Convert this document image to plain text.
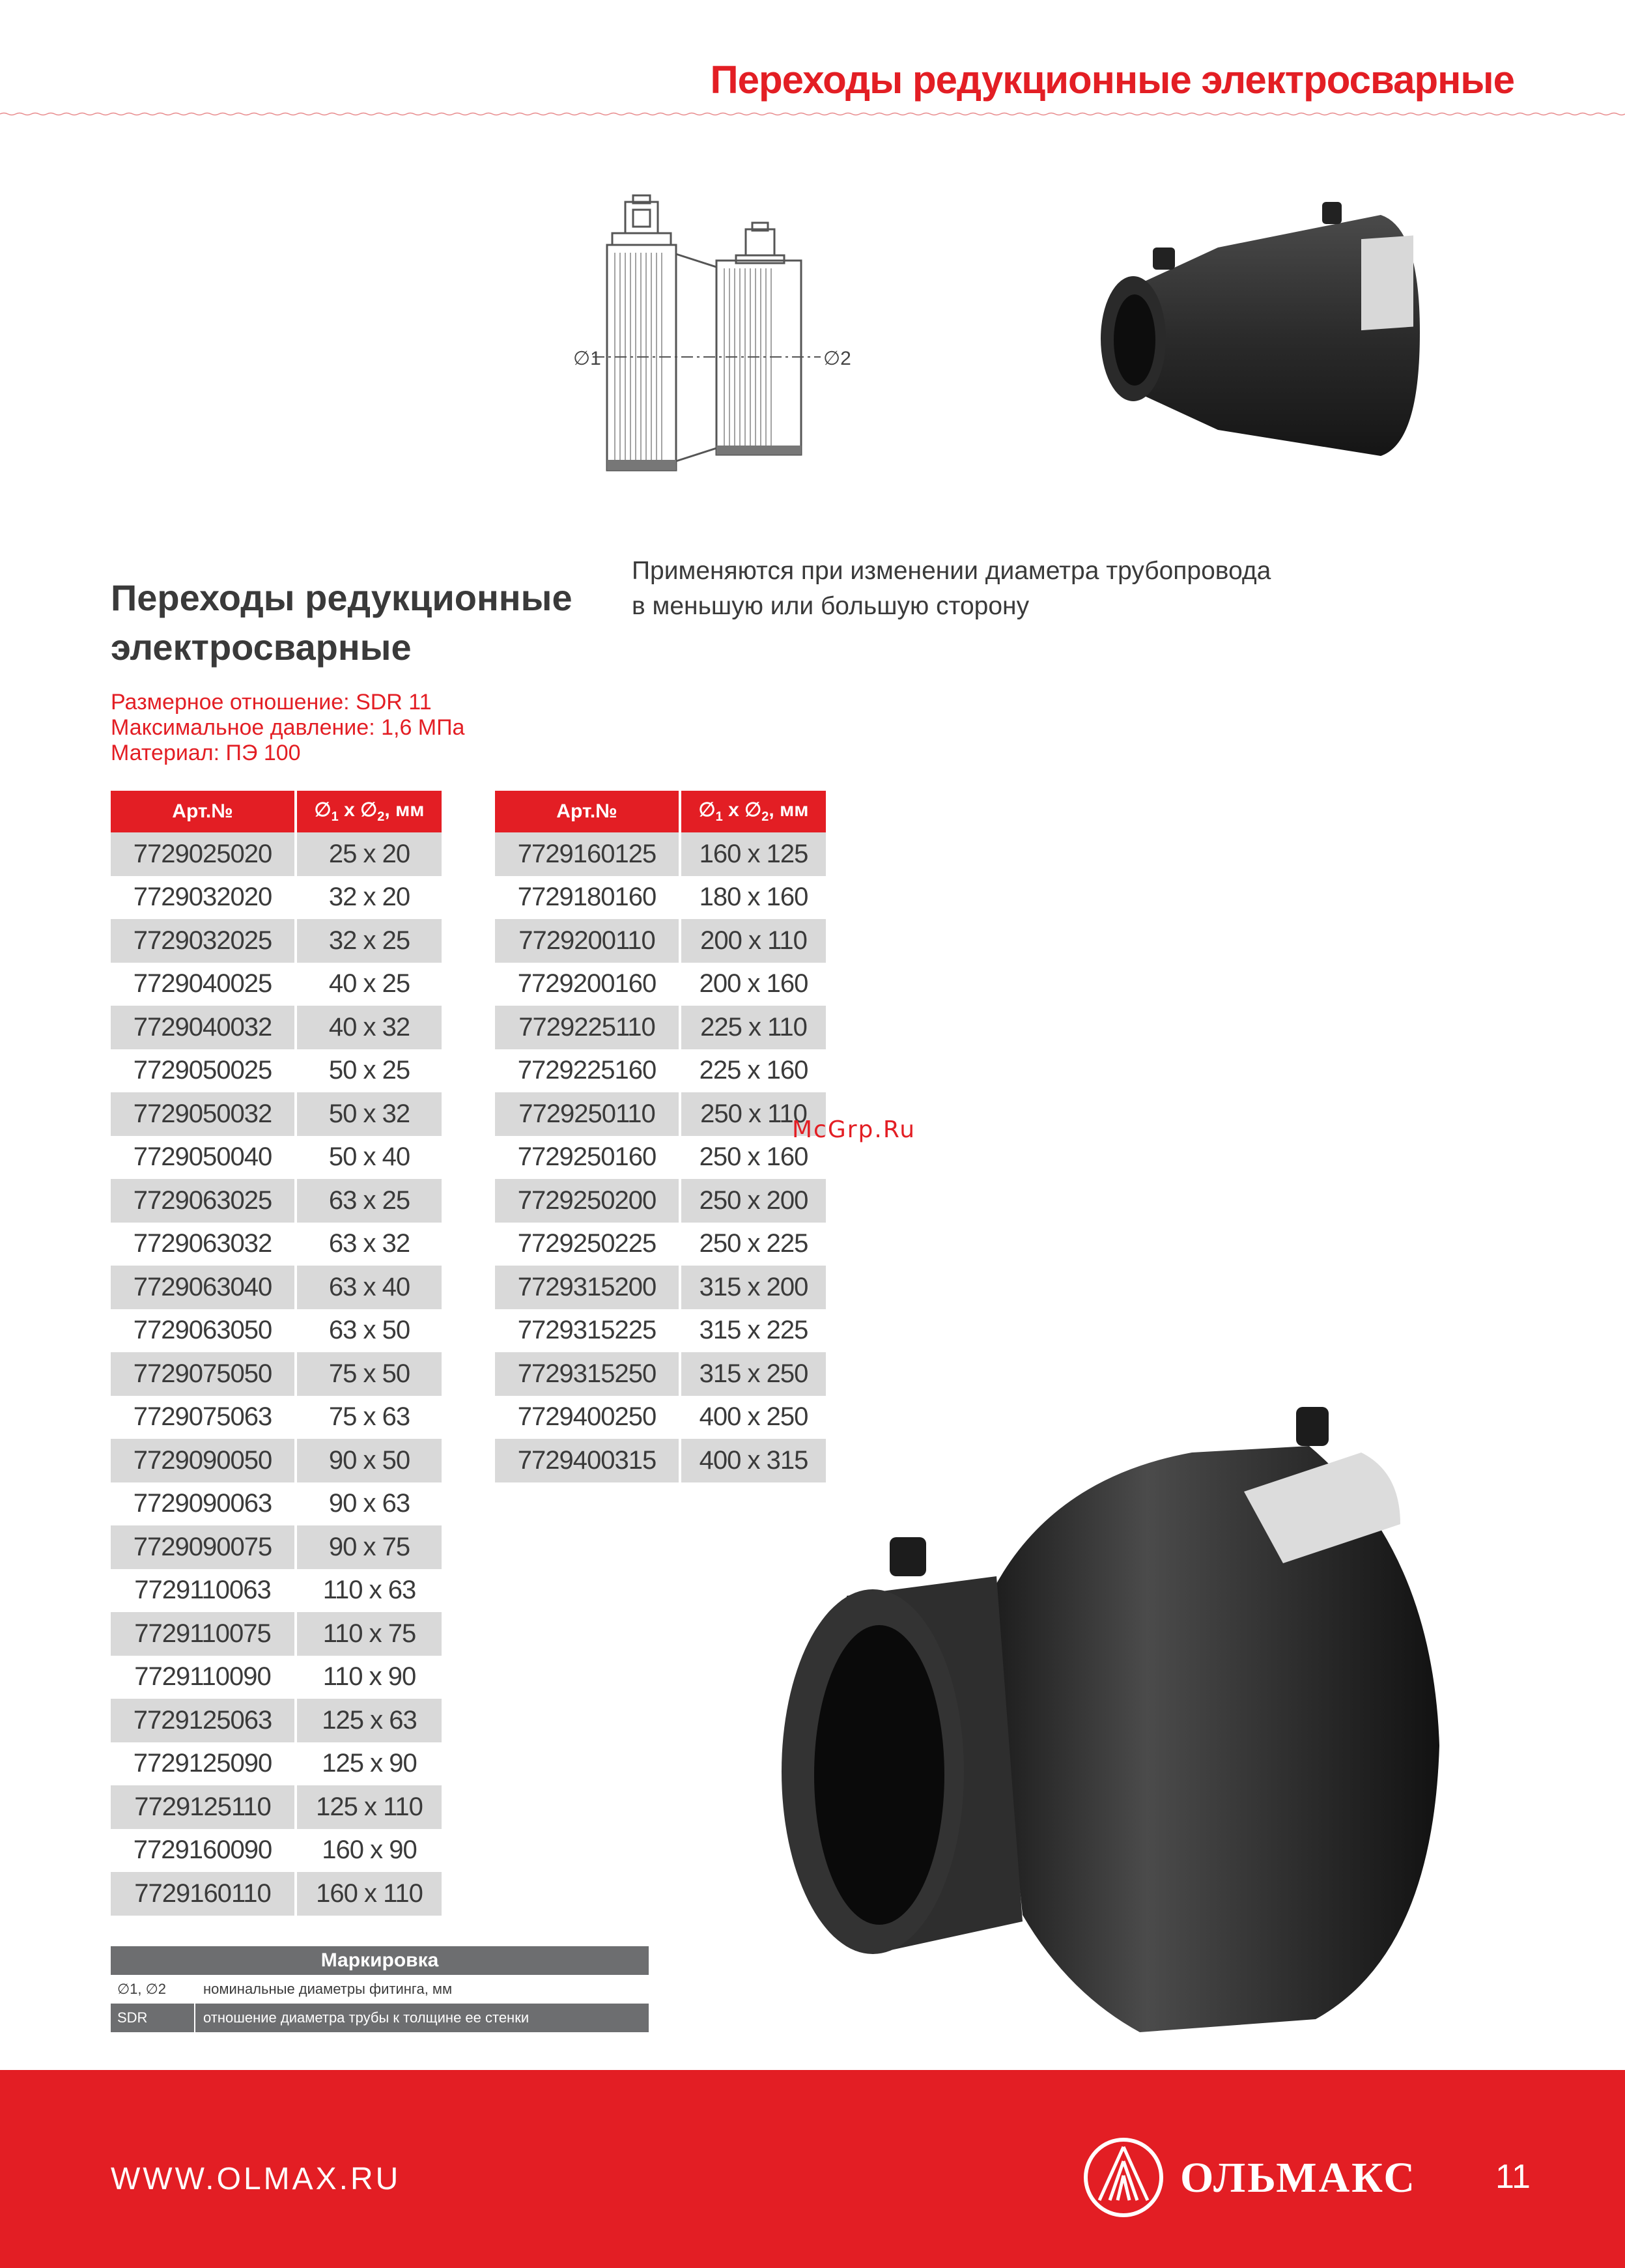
Переходы редукционные электросварные
∅1	∅2
Применяются при изменении диаметра трубопровода
в меньшую или большую сторону
Переходы редукционные
электросварные
Размерное отношение: SDR 11
Максимальное давление: 1,6 МПа
Материал: ПЭ 100
Арт.№	$\emptyset_1$ x $\emptyset_2$, мм
7729025020	25 x 20
7729032020	32 x 20
7729032025	32 x 25
7729040025	40 x 25
7729040032	40 x 32
7729050025	50 x 25
7729050032	50 x 32
7729050040	50 x 40
7729063025	63 x 25
7729063032	63 x 32
7729063040	63 x 40
7729063050	63 x 50
7729075050	75 x 50
7729075063	75 x 63
7729090050	90 x 50
7729090063	90 x 63
7729090075	90 x 75
7729110063	110 x 63
7729110075	110 x 75
7729110090	110 x 90
7729125063	125 x 63
7729125090	125 x 90
7729125110	125 x 110
7729160090	160 x 90
7729160110	160 x 110
Арт.№	$\emptyset_1$ x $\emptyset_2$, мм
7729160125	160 x 125
7729180160	180 x 160
7729200110	200 x 110
7729200160	200 x 160
7729225110	225 x 110
7729225160	225 x 160
7729250110	250 x 110
7729250160	250 x 160
7729250200	250 x 200
7729250225	250 x 225
7729315200	315 x 200
7729315225	315 x 225
7729315250	315 x 250
7729400250	400 x 250
7729400315	400 x 315
McGrp.Ru
Маркировка
∅1, ∅2	номинальные диаметры фитинга, мм
SDR	отношение диаметра трубы к толщине ее стенки
WWW.OLMAX.RU	ОЛЬМАКС 11
